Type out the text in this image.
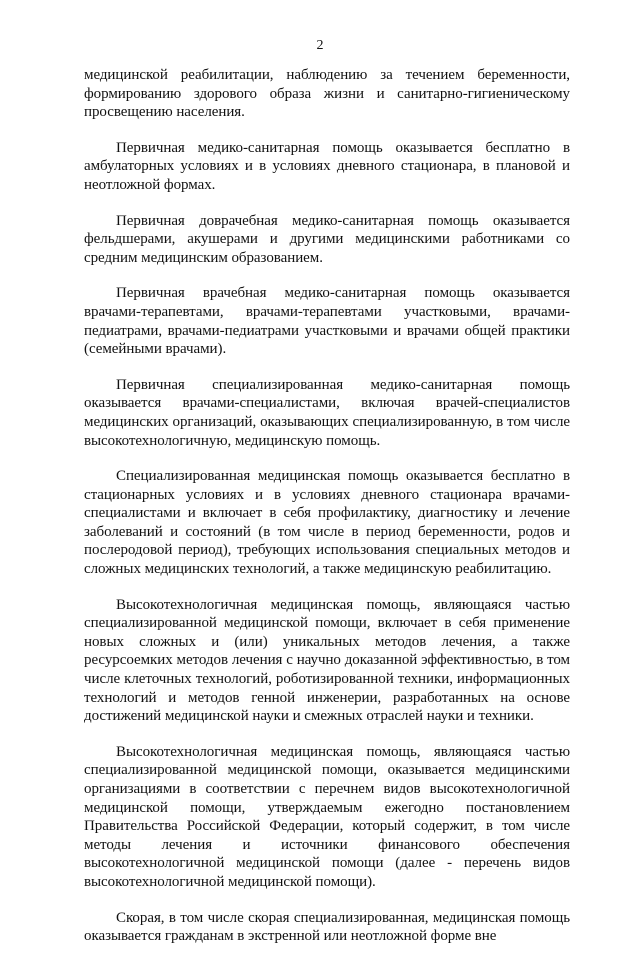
2

медицинской реабилитации, наблюдению за течением беременности, формированию здорового образа жизни и санитарно-гигиеническому просвещению населения.

Первичная медико-санитарная помощь оказывается бесплатно в амбулаторных условиях и в условиях дневного стационара, в плановой и неотложной формах.

Первичная доврачебная медико-санитарная помощь оказывается фельдшерами, акушерами и другими медицинскими работниками со средним медицинским образованием.

Первичная врачебная медико-санитарная помощь оказывается врачами-терапевтами, врачами-терапевтами участковыми, врачами-педиатрами, врачами-педиатрами участковыми и врачами общей практики (семейными врачами).

Первичная специализированная медико-санитарная помощь оказывается врачами-специалистами, включая врачей-специалистов медицинских организаций, оказывающих специализированную, в том числе высокотехнологичную, медицинскую помощь.

Специализированная медицинская помощь оказывается бесплатно в стационарных условиях и в условиях дневного стационара врачами-специалистами и включает в себя профилактику, диагностику и лечение заболеваний и состояний (в том числе в период беременности, родов и послеродовой период), требующих использования специальных методов и сложных медицинских технологий, а также медицинскую реабилитацию.

Высокотехнологичная медицинская помощь, являющаяся частью специализированной медицинской помощи, включает в себя применение новых сложных и (или) уникальных методов лечения, а также ресурсоемких методов лечения с научно доказанной эффективностью, в том числе клеточных технологий, роботизированной техники, информационных технологий и методов генной инженерии, разработанных на основе достижений медицинской науки и смежных отраслей науки и техники.

Высокотехнологичная медицинская помощь, являющаяся частью специализированной медицинской помощи, оказывается медицинскими организациями в соответствии с перечнем видов высокотехнологичной медицинской помощи, утверждаемым ежегодно постановлением Правительства Российской Федерации, который содержит, в том числе методы лечения и источники финансового обеспечения высокотехнологичной медицинской помощи (далее - перечень видов высокотехнологичной медицинской помощи).

Скорая, в том числе скорая специализированная, медицинская помощь оказывается гражданам в экстренной или неотложной форме вне
